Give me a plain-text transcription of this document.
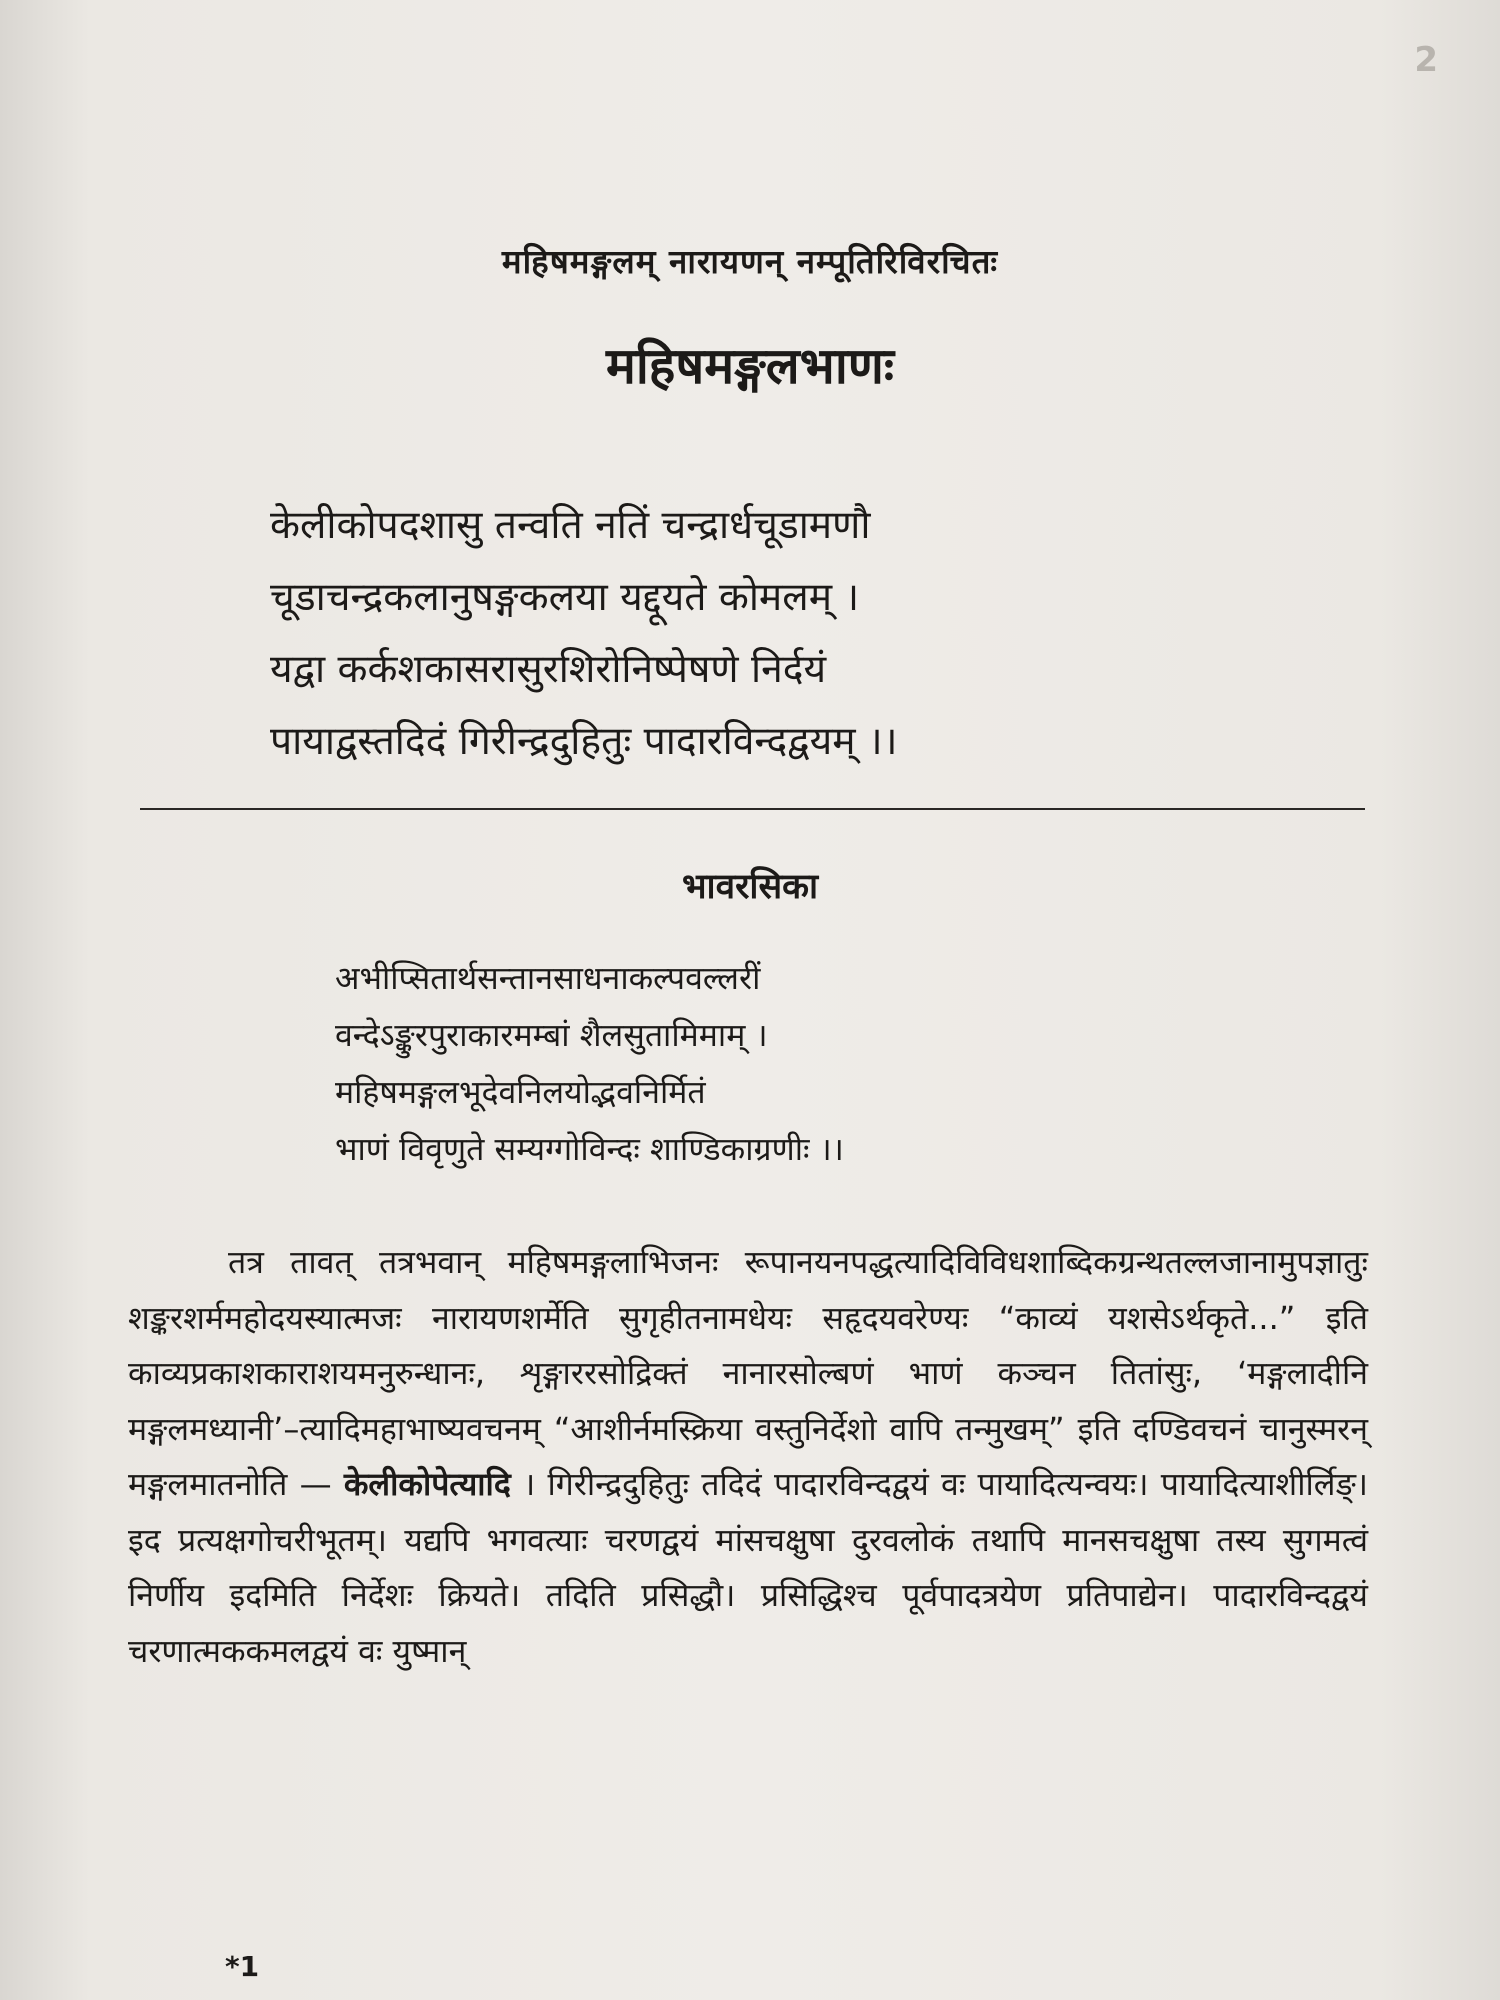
2
महिषमङ्गलम् नारायणन् नम्पूतिरिविरचितः
महिषमङ्गलभाणः
केलीकोपदशासु तन्वति नतिं चन्द्रार्धचूडामणौ
चूडाचन्द्रकलानुषङ्गकलया यद्दूयते कोमलम् ।
यद्वा कर्कशकासरासुरशिरोनिष्पेषणे निर्दयं
पायाद्वस्तदिदं गिरीन्द्रदुहितुः पादारविन्दद्वयम् ।।
भावरसिका
अभीप्सितार्थसन्तानसाधनाकल्पवल्लरीं
वन्देऽङ्कुरपुराकारमम्बां शैलसुतामिमाम् ।
महिषमङ्गलभूदेवनिलयोद्भवनिर्मितं
भाणं विवृणुते सम्यग्गोविन्दः शाण्डिकाग्रणीः ।।
तत्र तावत् तत्रभवान् महिषमङ्गलाभिजनः रूपानयनपद्धत्यादिविविधशाब्दिकग्रन्थतल्लजानामुपज्ञातुः शङ्करशर्ममहोदयस्यात्मजः नारायणशर्मेति सुगृहीतनामधेयः सहृदयवरेण्यः “काव्यं यशसेऽर्थकृते...” इति काव्यप्रकाशकाराशयमनुरुन्धानः, शृङ्गाररसोद्रिक्तं नानारसोल्बणं भाणं कञ्चन तितांसुः, ‘मङ्गलादीनि मङ्गलमध्यानी’–त्यादिमहाभाष्यवचनम् “आशीर्नमस्क्रिया वस्तुनिर्देशो वापि तन्मुखम्” इति दण्डिवचनं चानुस्मरन् मङ्गलमातनोति — केलीकोपेत्यादि । गिरीन्द्रदुहितुः तदिदं पादारविन्दद्वयं वः पायादित्यन्वयः। पायादित्याशीर्लिङ्। इद प्रत्यक्षगोचरीभूतम्। यद्यपि भगवत्याः चरणद्वयं मांसचक्षुषा दुरवलोकं तथापि मानसचक्षुषा तस्य सुगमत्वं निर्णीय इदमिति निर्देशः क्रियते। तदिति प्रसिद्धौ। प्रसिद्धिश्च पूर्वपादत्रयेण प्रतिपाद्येन। पादारविन्दद्वयं चरणात्मककमलद्वयं वः युष्मान्
*1
